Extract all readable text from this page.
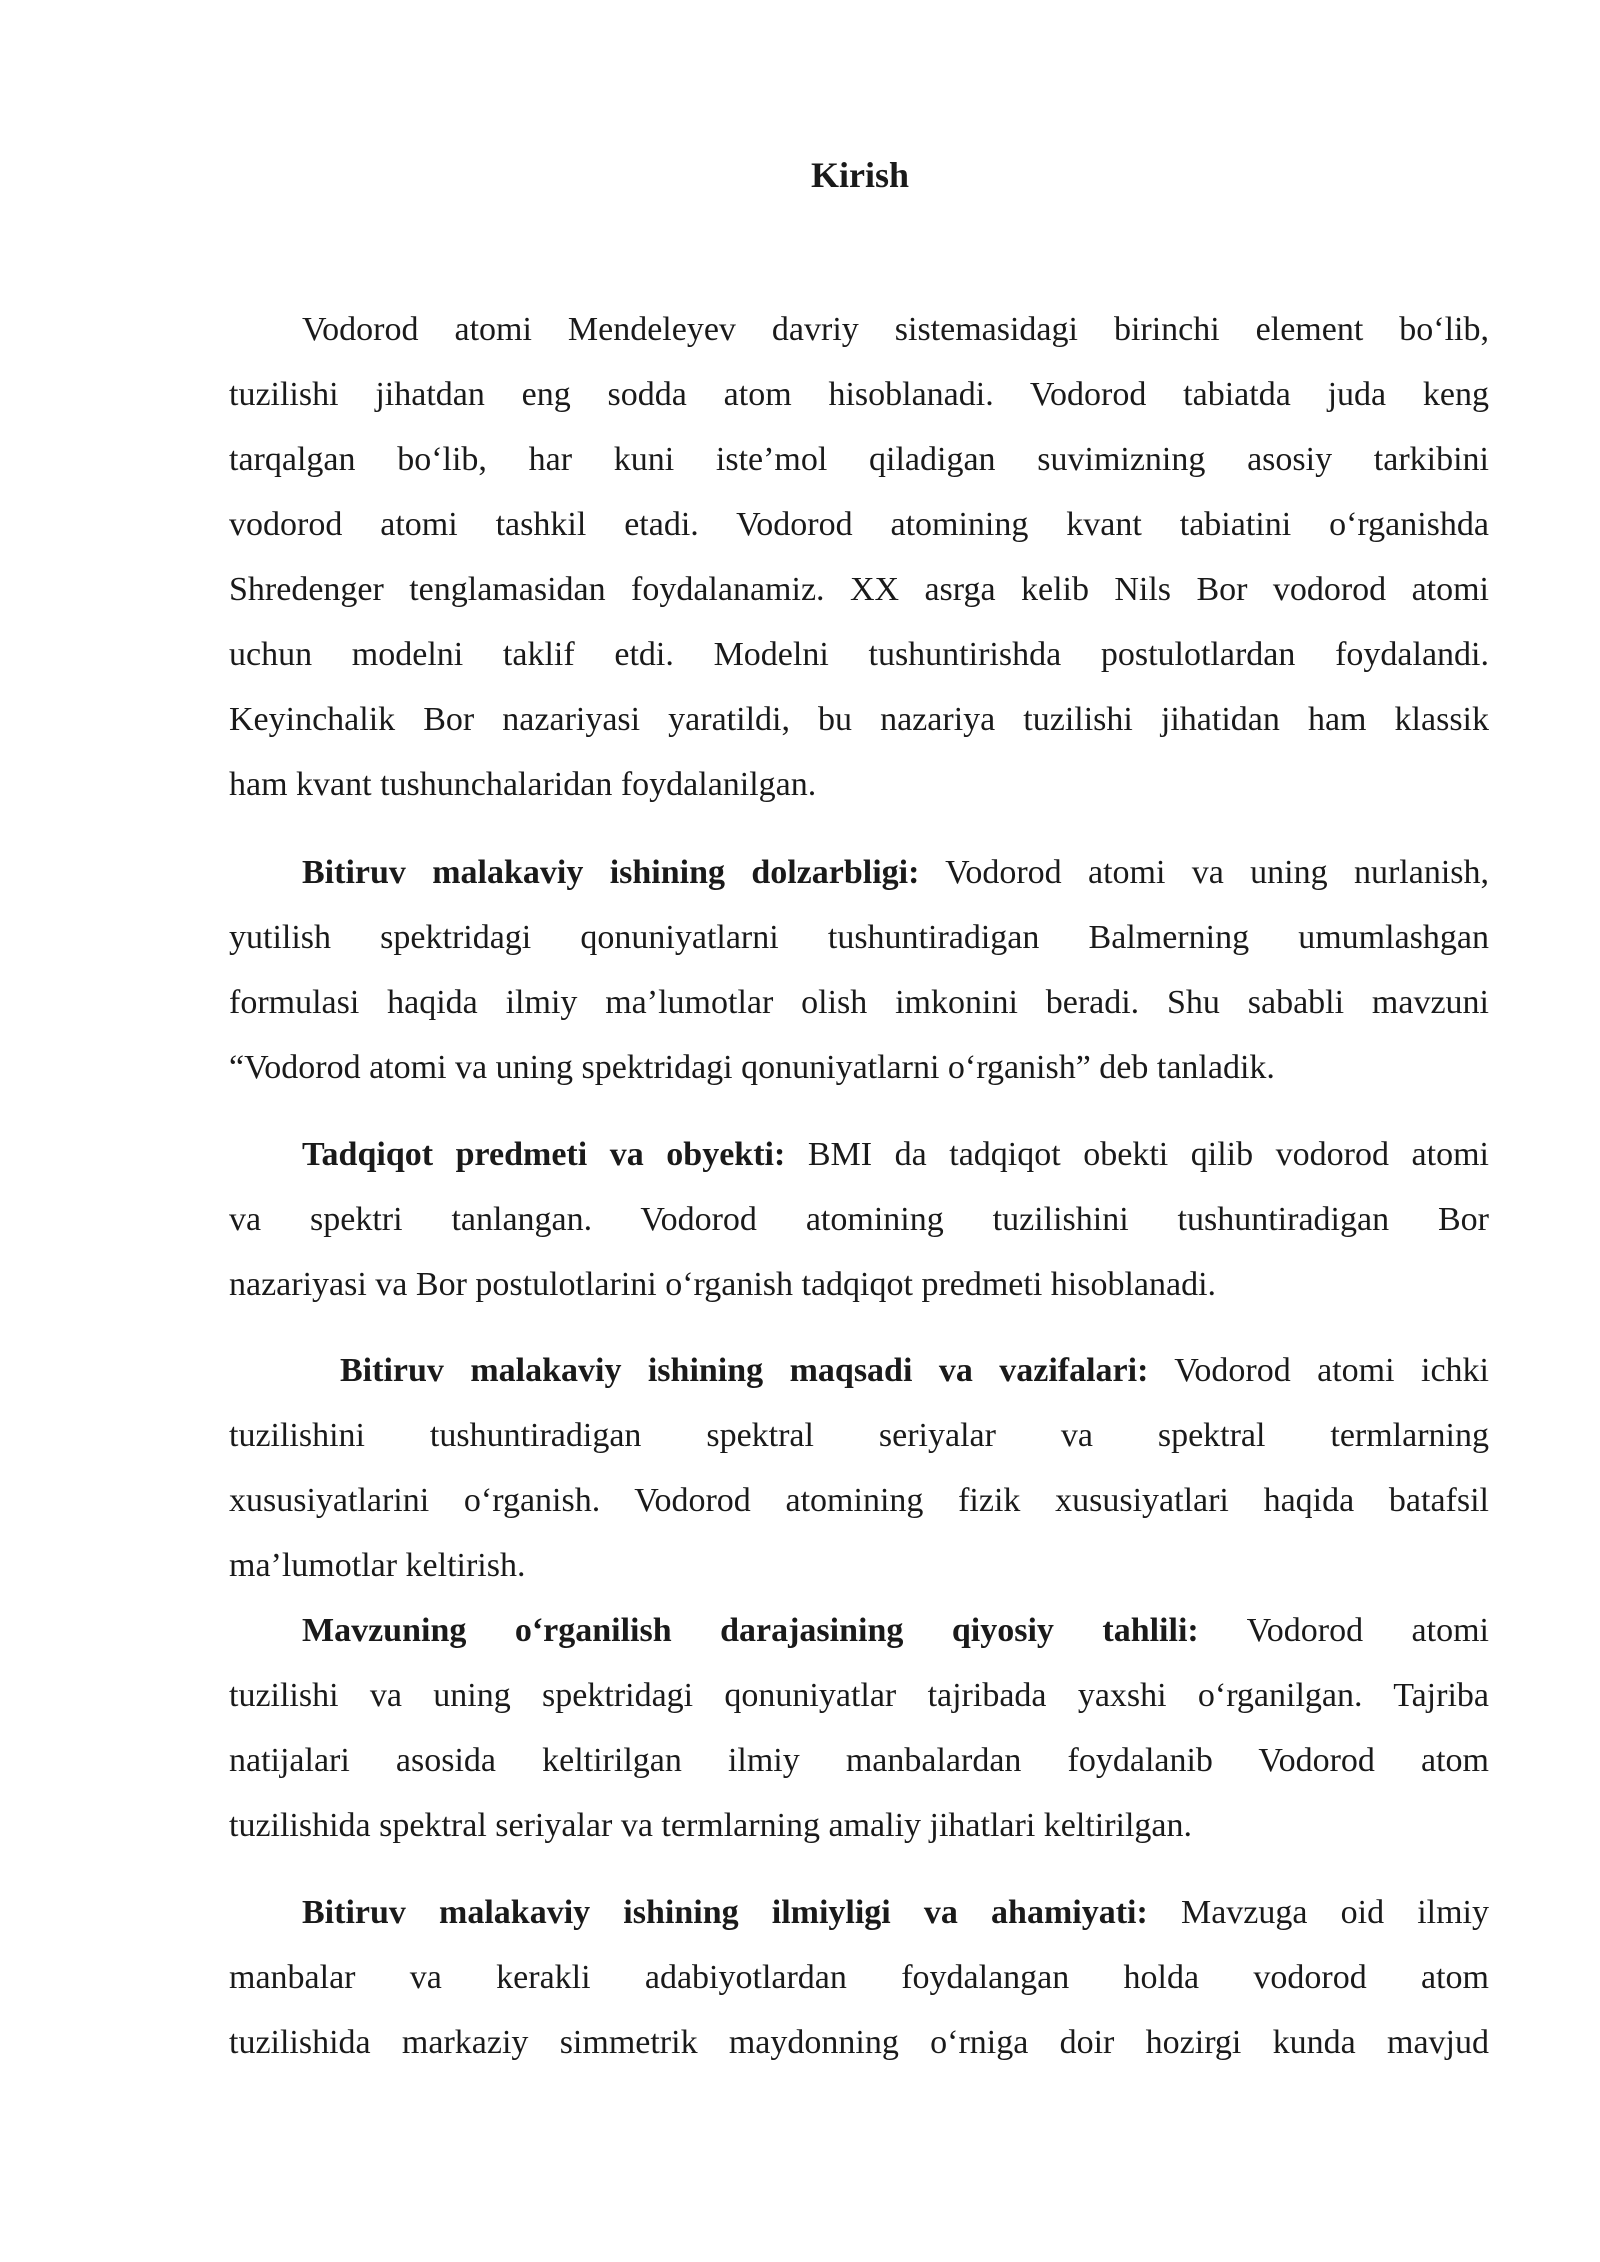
Kirish
Vodorod atomi Mendeleyev davriy sistemasidagi birinchi element bo‘lib,
tuzilishi jihatdan eng sodda atom hisoblanadi. Vodorod tabiatda juda keng
tarqalgan bo‘lib, har kuni iste’mol qiladigan suvimizning asosiy tarkibini
vodorod atomi tashkil etadi. Vodorod atomining kvant tabiatini o‘rganishda
Shredenger tenglamasidan foydalanamiz. XX asrga kelib Nils Bor vodorod atomi
uchun modelni taklif etdi. Modelni tushuntirishda postulotlardan foydalandi.
Keyinchalik Bor nazariyasi yaratildi, bu nazariya tuzilishi jihatidan ham klassik
ham kvant tushunchalaridan foydalanilgan.
Bitiruv malakaviy ishining dolzarbligi: Vodorod atomi va uning nurlanish,
yutilish spektridagi qonuniyatlarni tushuntiradigan Balmerning umumlashgan
formulasi haqida ilmiy ma’lumotlar olish imkonini beradi. Shu sababli mavzuni
“Vodorod atomi va uning spektridagi qonuniyatlarni o‘rganish” deb tanladik.
Tadqiqot predmeti va obyekti: BMI da tadqiqot obekti qilib vodorod atomi
va spektri tanlangan. Vodorod atomining tuzilishini tushuntiradigan Bor
nazariyasi va Bor postulotlarini o‘rganish tadqiqot predmeti hisoblanadi.
Bitiruv malakaviy ishining maqsadi va vazifalari: Vodorod atomi ichki
tuzilishini tushuntiradigan spektral seriyalar va spektral termlarning
xususiyatlarini o‘rganish. Vodorod atomining fizik xususiyatlari haqida batafsil
ma’lumotlar keltirish.
Mavzuning o‘rganilish darajasining qiyosiy tahlili: Vodorod atomi
tuzilishi va uning spektridagi qonuniyatlar tajribada yaxshi o‘rganilgan. Tajriba
natijalari asosida keltirilgan ilmiy manbalardan foydalanib Vodorod atom
tuzilishida spektral seriyalar va termlarning amaliy jihatlari keltirilgan.
Bitiruv malakaviy ishining ilmiyligi va ahamiyati: Mavzuga oid ilmiy
manbalar va kerakli adabiyotlardan foydalangan holda vodorod atom
tuzilishida markaziy simmetrik maydonning o‘rniga doir hozirgi kunda mavjud
